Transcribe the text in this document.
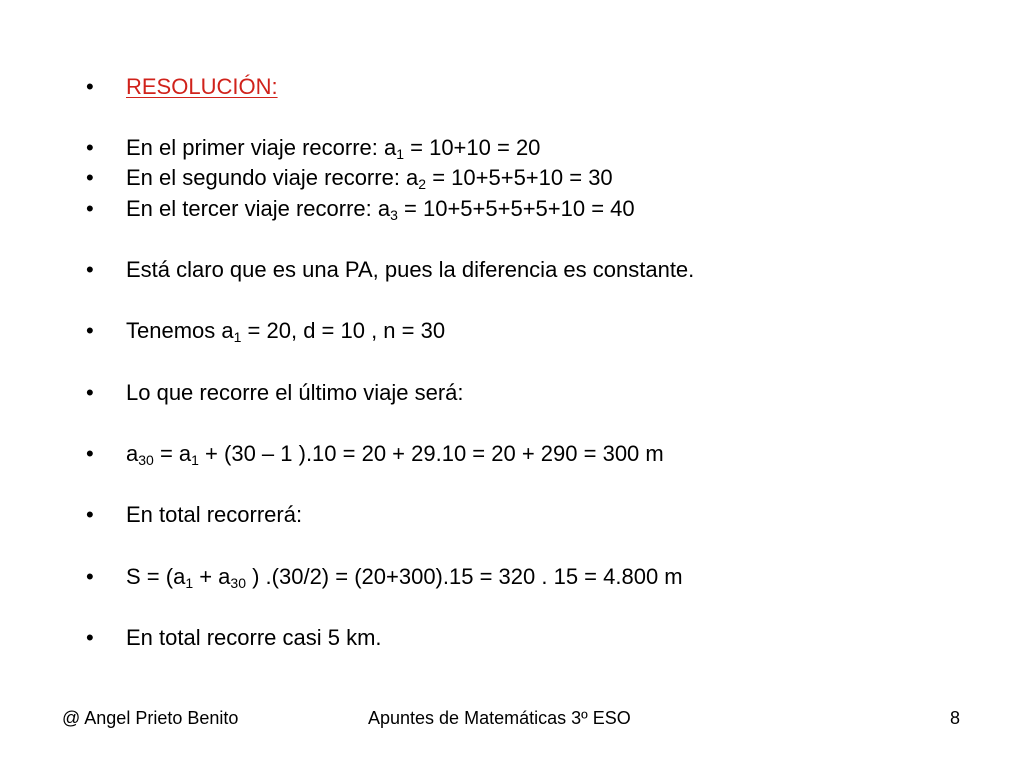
• RESOLUCIÓN:
• En el primer viaje recorre: $a_1 = 10+10 = 20$
• En el segundo viaje recorre: $a_2 = 10+5+5+10 = 30$
• En el tercer viaje recorre: $a_3 = 10+5+5+5+5+10 = 40$
• Está claro que es una PA, pues la diferencia es constante.
• Tenemos $a_1 = 20$, d = 10 , n = 30
• Lo que recorre el último viaje será:
• $a_{30} = a_1 + (30 - 1$ ).10 = 20 + 29.10 = 20 + 290 = 300 m
• En total recorrerá:
• $S = (a_1 + a_{30}$ ) .(30/2) = (20+300).15 = 320 . 15 = 4.800 m
• En total recorre casi 5 km.
@ Angel Prieto Benito	Apuntes de Matemáticas 3º ESO	8
